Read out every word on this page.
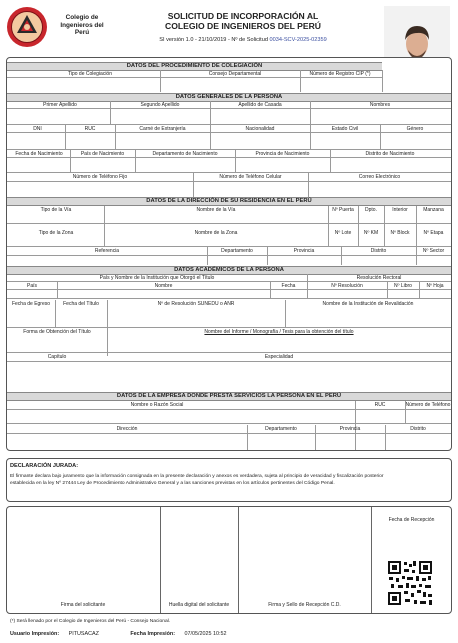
Colegio de
Ingenieros del
Perú
SOLICITUD DE INCORPORACIÓN AL
COLEGIO DE INGENIEROS DEL PERÚ
SI versión 1.0 - 21/10/2019 - Nº de Solicitud 0034-SCV-2025-02359
DATOS DEL PROCEDIMIENTO DE COLEGIACIÓN
Tipo de Colegiación	Consejo Departamental	Número de Registro CIP (*)
DATOS GENERALES DE LA PERSONA
Primer Apellido	Segundo Apellido	Apellido de Casada	Nombres
DNI	RUC	Carné de Extranjería	Nacionalidad	Estado Civil	Género
Fecha de Nacimiento	País de Nacimiento	Departamento de Nacimiento	Provincia de Nacimiento	Distrito de Nacimiento
Número de Teléfono Fijo	Número de Teléfono Celular	Correo Electrónico
DATOS DE LA DIRECCIÓN DE SU RESIDENCIA EN EL PERÚ
Tipo de la Vía	Nombre de la Vía	Nº Puerta	Dpto.	Interior	Manzana
Tipo de la Zona	Nombre de la Zona	Nº Lote	Nº KM	Nº Block	Nº Etapa
Referencia	Departamento	Provincia	Distrito	Nº Sector
DATOS ACADÉMICOS DE LA PERSONA
País y Nombre de la Institución que Otorgó el Título	Resolución Rectoral
País	Nombre	Fecha	Nº Resolución	Nº Libro	Nº Hoja
Fecha de Egreso	Fecha del Título	Nº de Resolución SUNEDU o ANR	Nombre de la Institución de Revalidación
Forma de Obtención del Título	Nombre del Informe / Monografía / Tesis para la obtención del título
Capítulo	Especialidad
DATOS DE LA EMPRESA DONDE PRESTA SERVICIOS LA PERSONA EN EL PERÚ
Nombre o Razón Social	RUC	Número de Teléfono
Dirección	Departamento	Provincia	Distrito
DECLARACIÓN JURADA:
El firmante declara bajo juramento que la información consignada en la presente declaración y anexos es verdadera, sujeta al principio de veracidad y fiscalización posterior
establecida en la ley Nº 27444 Ley de Procedimiento Administrativo General y a las sanciones previstas en los artículos pertinentes del Código Penal.
Firma del solicitante	Huella digital del solicitante	Firma y Sello de Recepción C.D.
Fecha de Recepción
(*) Será llenado por el Colegio de Ingenieros del Perú - Consejo Nacional.
Usuario Impresión: PITUSACAZ	Fecha Impresión: 07/05/2025 10:52
